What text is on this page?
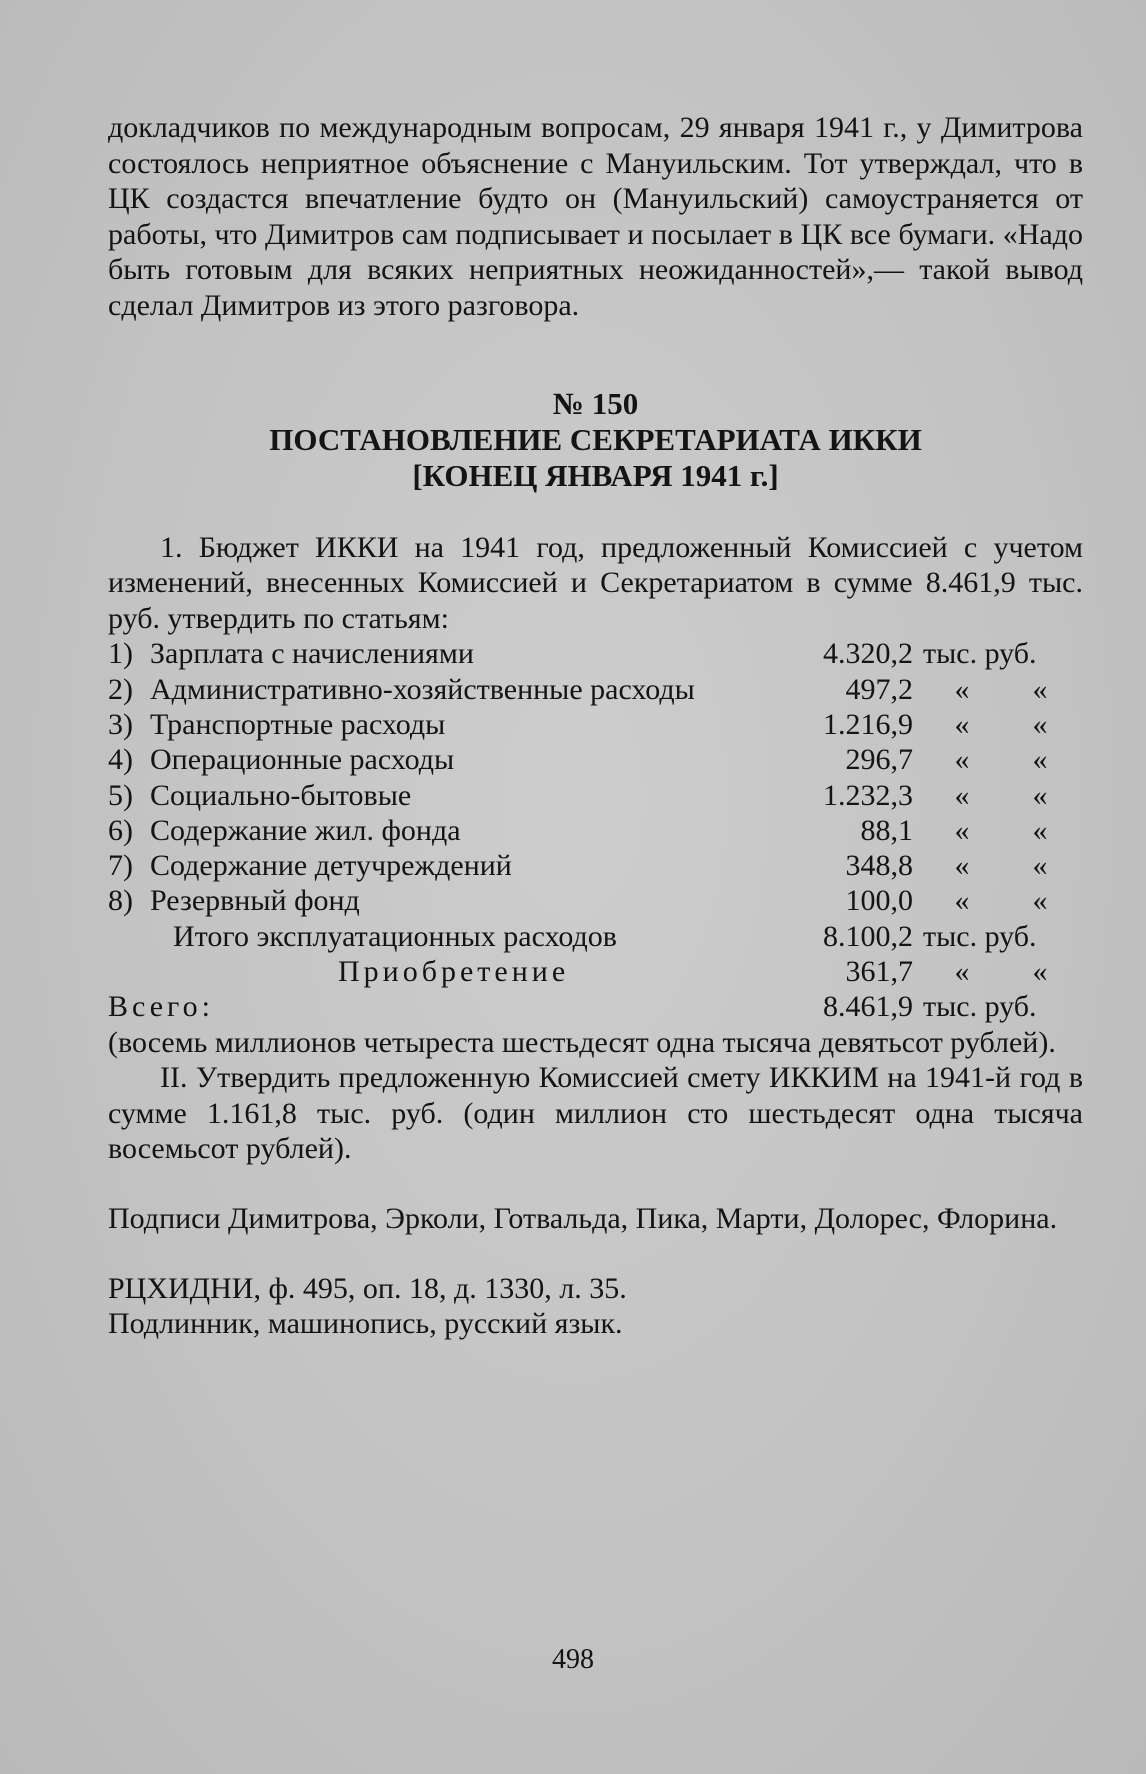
докладчиков по международным вопросам, 29 января 1941 г., у Димитрова состоялось неприятное объяснение с Мануильским. Тот утверждал, что в ЦК создастся впечатление будто он (Мануильский) самоустраняется от работы, что Димитров сам подписывает и посылает в ЦК все бумаги. «Надо быть готовым для всяких неприятных неожиданностей»,— такой вывод сделал Димитров из этого разговора.

№ 150

ПОСТАНОВЛЕНИЕ СЕКРЕТАРИАТА ИККИ

[КОНЕЦ ЯНВАРЯ 1941 г.]

1. Бюджет ИККИ на 1941 год, предложенный Комиссией с учетом изменений, внесенных Комиссией и Секретариатом в сумме 8.461,9 тыс. руб. утвердить по статьям:

1)	Зарплата с начислениями	4.320,2	тыс. руб.
2)	Административно-хозяйственные расходы	497,2	« «
3)	Транспортные расходы	1.216,9	« «
4)	Операционные расходы	296,7	« «
5)	Социально-бытовые	1.232,3	« «
6)	Содержание жил. фонда	88,1	« «
7)	Содержание детучреждений	348,8	« «
8)	Резервный фонд	100,0	« «
Итого эксплуатационных расходов		8.100,2	тыс. руб.
Приобретение		361,7	« «
Всего:		8.461,9	тыс. руб.

(восемь миллионов четыреста шестьдесят одна тысяча девятьсот рублей).

II. Утвердить предложенную Комиссией смету ИККИМ на 1941-й год в сумме 1.161,8 тыс. руб. (один миллион сто шестьдесят одна тысяча восемьсот рублей).

Подписи Димитрова, Эрколи, Готвальда, Пика, Марти, Долорес, Флорина.

РЦХИДНИ, ф. 495, оп. 18, д. 1330, л. 35.

Подлинник, машинопись, русский язык.

498
